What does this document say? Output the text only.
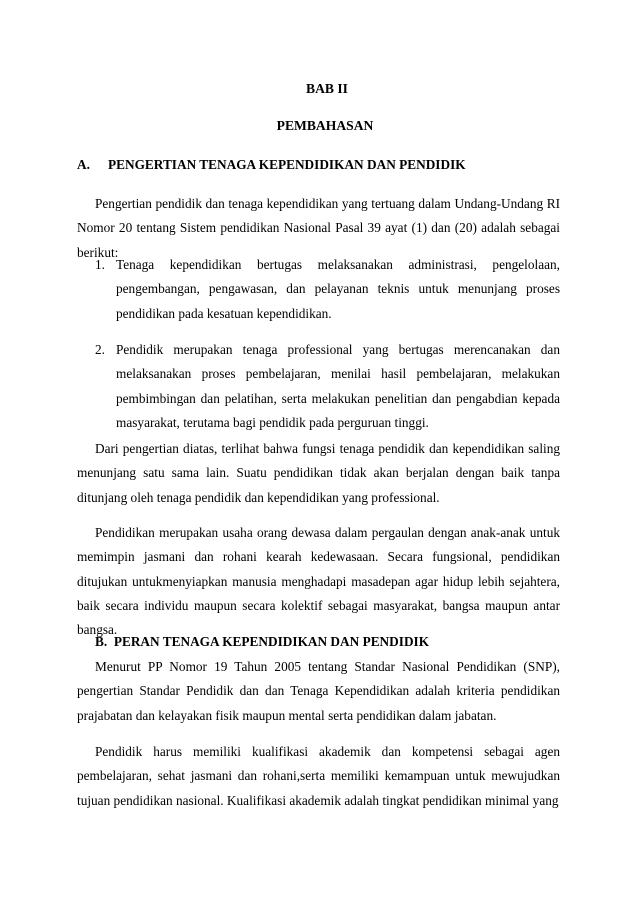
BAB II
PEMBAHASAN
A. PENGERTIAN TENAGA KEPENDIDIKAN DAN PENDIDIK

Pengertian pendidik dan tenaga kependidikan yang tertuang dalam Undang-Undang RI Nomor 20 tentang Sistem pendidikan Nasional Pasal 39 ayat (1) dan (20) adalah sebagai berikut:

1. Tenaga kependidikan bertugas melaksanakan administrasi, pengelolaan, pengembangan, pengawasan, dan pelayanan teknis untuk menunjang proses pendidikan pada kesatuan kependidikan.
2. Pendidik merupakan tenaga professional yang bertugas merencanakan dan melaksanakan proses pembelajaran, menilai hasil pembelajaran, melakukan pembimbingan dan pelatihan, serta melakukan penelitian dan pengabdian kepada masyarakat, terutama bagi pendidik pada perguruan tinggi.

Dari pengertian diatas, terlihat bahwa fungsi tenaga pendidik dan kependidikan saling menunjang satu sama lain. Suatu pendidikan tidak akan berjalan dengan baik tanpa ditunjang oleh tenaga pendidik dan kependidikan yang professional.

Pendidikan merupakan usaha orang dewasa dalam pergaulan dengan anak-anak untuk memimpin jasmani dan rohani kearah kedewasaan. Secara fungsional, pendidikan ditujukan untukmenyiapkan manusia menghadapi masadepan agar hidup lebih sejahtera, baik secara individu maupun secara kolektif sebagai masyarakat, bangsa maupun antar bangsa.

B.  PERAN TENAGA KEPENDIDIKAN DAN PENDIDIK

Menurut PP Nomor 19 Tahun 2005 tentang Standar Nasional Pendidikan (SNP), pengertian Standar Pendidik dan dan Tenaga Kependidikan adalah kriteria pendidikan prajabatan dan kelayakan fisik maupun mental serta pendidikan dalam jabatan.

Pendidik harus memiliki kualifikasi akademik dan kompetensi sebagai agen pembelajaran, sehat jasmani dan rohani,serta memiliki kemampuan untuk mewujudkan tujuan pendidikan nasional. Kualifikasi akademik adalah tingkat pendidikan minimal yang
